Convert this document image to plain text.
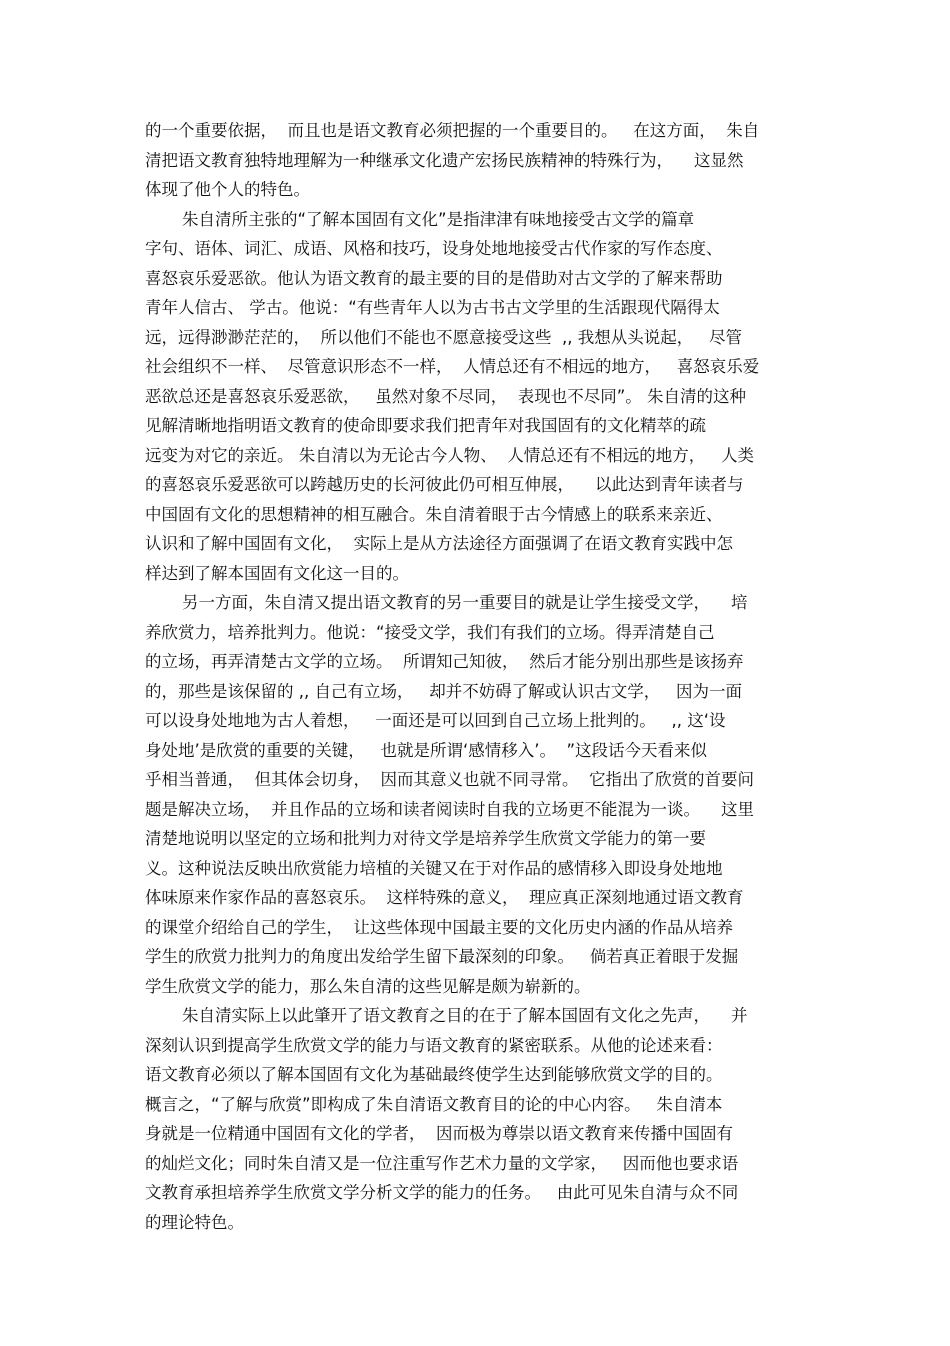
的一个重要依据，  而且也是语文教育必须把握的一个重要目的。   在这方面，  朱自
清把语文教育独特地理解为一种继承文化遗产宏扬民族精神的特殊行为，    这显然
体现了他个人的特色。
朱自清所主张的“了解本国固有文化”是指津津有味地接受古文学的篇章
字句、语体、词汇、成语、风格和技巧，设身处地地接受古代作家的写作态度、
喜怒哀乐爱恶欲。他认为语文教育的最主要的目的是借助对古文学的了解来帮助
青年人信古、 学古。他说：“有些青年人以为古书古文学里的生活跟现代隔得太
远，远得渺渺茫茫的，  所以他们不能也不愿意接受这些  ,, 我想从头说起，   尽管
社会组织不一样、  尽管意识形态不一样，  人情总还有不相远的地方，   喜怒哀乐爱
恶欲总还是喜怒哀乐爱恶欲，   虽然对象不尽同，  表现也不尽同”。 朱自清的这种
见解清晰地指明语文教育的使命即要求我们把青年对我国固有的文化精萃的疏
远变为对它的亲近。 朱自清以为无论古今人物、  人情总还有不相远的地方，   人类
的喜怒哀乐爱恶欲可以跨越历史的长河彼此仍可相互伸展，    以此达到青年读者与
中国固有文化的思想精神的相互融合。朱自清着眼于古今情感上的联系来亲近、
认识和了解中国固有文化，  实际上是从方法途径方面强调了在语文教育实践中怎
样达到了解本国固有文化这一目的。
另一方面，朱自清又提出语文教育的另一重要目的就是让学生接受文学，    培
养欣赏力，培养批判力。他说：“接受文学，我们有我们的立场。得弄清楚自己
的立场，再弄清楚古文学的立场。  所谓知己知彼，  然后才能分别出那些是该扬弃
的，那些是该保留的 ,, 自己有立场，   却并不妨碍了解或认识古文学，   因为一面
可以设身处地地为古人着想，   一面还是可以回到自己立场上批判的。   ,, 这‘设
身处地’是欣赏的重要的关键，   也就是所谓‘感情移入’。  ”这段话今天看来似
乎相当普通，  但其体会切身，  因而其意义也就不同寻常。  它指出了欣赏的首要问
题是解决立场，  并且作品的立场和读者阅读时自我的立场更不能混为一谈。    这里
清楚地说明以坚定的立场和批判力对待文学是培养学生欣赏文学能力的第一要
义。这种说法反映出欣赏能力培植的关键又在于对作品的感情移入即设身处地地
体味原来作家作品的喜怒哀乐。  这样特殊的意义，  理应真正深刻地通过语文教育
的课堂介绍给自己的学生，  让这些体现中国最主要的文化历史内涵的作品从培养
学生的欣赏力批判力的角度出发给学生留下最深刻的印象。   倘若真正着眼于发掘
学生欣赏文学的能力，那么朱自清的这些见解是颇为崭新的。
朱自清实际上以此肇开了语文教育之目的在于了解本国固有文化之先声，    并
深刻认识到提高学生欣赏文学的能力与语文教育的紧密联系。从他的论述来看：
语文教育必须以了解本国固有文化为基础最终使学生达到能够欣赏文学的目的。
概言之，“了解与欣赏”即构成了朱自清语文教育目的论的中心内容。   朱自清本
身就是一位精通中国固有文化的学者，  因而极为尊崇以语文教育来传播中国固有
的灿烂文化；同时朱自清又是一位注重写作艺术力量的文学家，   因而他也要求语
文教育承担培养学生欣赏文学分析文学的能力的任务。   由此可见朱自清与众不同
的理论特色。
